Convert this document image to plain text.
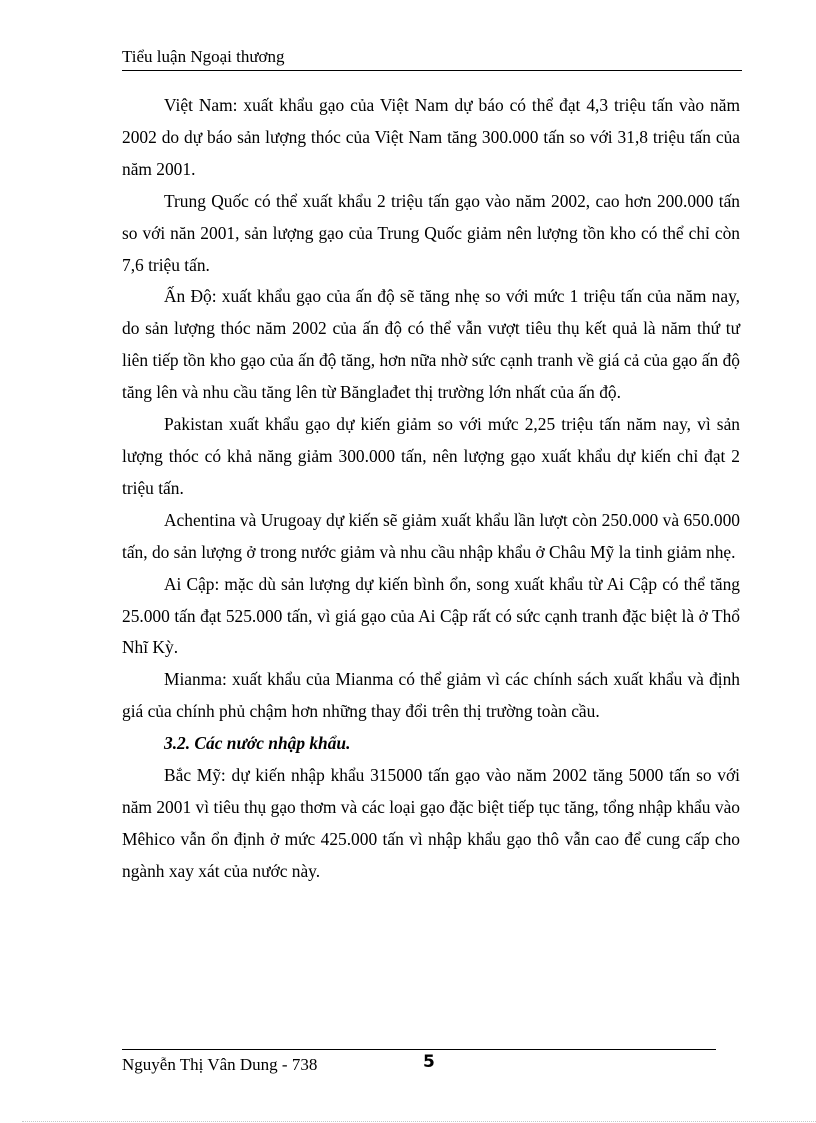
Tiểu luận Ngoại thương

Việt Nam: xuất khẩu gạo của Việt Nam dự báo có thể đạt 4,3 triệu tấn vào năm 2002 do dự báo sản lượng thóc của Việt Nam tăng 300.000 tấn so với 31,8 triệu tấn của năm 2001.

Trung Quốc có thể xuất khẩu 2 triệu tấn gạo vào năm 2002, cao hơn 200.000 tấn so với năn 2001, sản lượng gạo của Trung Quốc giảm nên lượng tồn kho có thể chỉ còn 7,6 triệu tấn.

Ấn Độ: xuất khẩu gạo của ấn độ sẽ tăng nhẹ so với mức 1 triệu tấn của năm nay, do sản lượng thóc năm 2002 của ấn độ có thể vẫn vượt tiêu thụ kết quả là năm thứ tư liên tiếp tồn kho gạo của ấn độ tăng, hơn nữa nhờ sức cạnh tranh về giá cả của gạo ấn độ tăng lên và nhu cầu tăng lên từ Bănglađet thị trường lớn nhất của ấn độ.

Pakistan xuất khẩu gạo dự kiến giảm so với mức 2,25 triệu tấn năm nay, vì sản lượng thóc có khả năng giảm 300.000 tấn, nên lượng gạo xuất khẩu dự kiến chỉ đạt 2 triệu tấn.

Achentina và Urugoay dự kiến sẽ giảm xuất khẩu lần lượt còn 250.000 và 650.000 tấn, do sản lượng ở trong nước giảm và nhu cầu nhập khẩu ở Châu Mỹ la tinh giảm nhẹ.

Ai Cập: mặc dù sản lượng dự kiến bình ổn, song xuất khẩu từ Ai Cập có thể tăng 25.000 tấn đạt 525.000 tấn, vì giá gạo của Ai Cập rất có sức cạnh tranh đặc biệt là ở Thổ Nhĩ Kỳ.

Mianma: xuất khẩu của Mianma có thể giảm vì các chính sách xuất khẩu và định giá của chính phủ chậm hơn những thay đổi trên thị trường toàn cầu.

3.2. Các nước nhập khẩu.

Bắc Mỹ: dự kiến nhập khẩu 315000 tấn gạo vào năm 2002 tăng 5000 tấn so với năm 2001 vì tiêu thụ gạo thơm và các loại gạo đặc biệt tiếp tục tăng, tổng nhập khẩu vào Mêhico vẫn ổn định ở mức 425.000 tấn vì nhập khẩu gạo thô vẫn cao để cung cấp cho ngành xay xát của nước này.

Nguyễn Thị Vân Dung - 738	5
